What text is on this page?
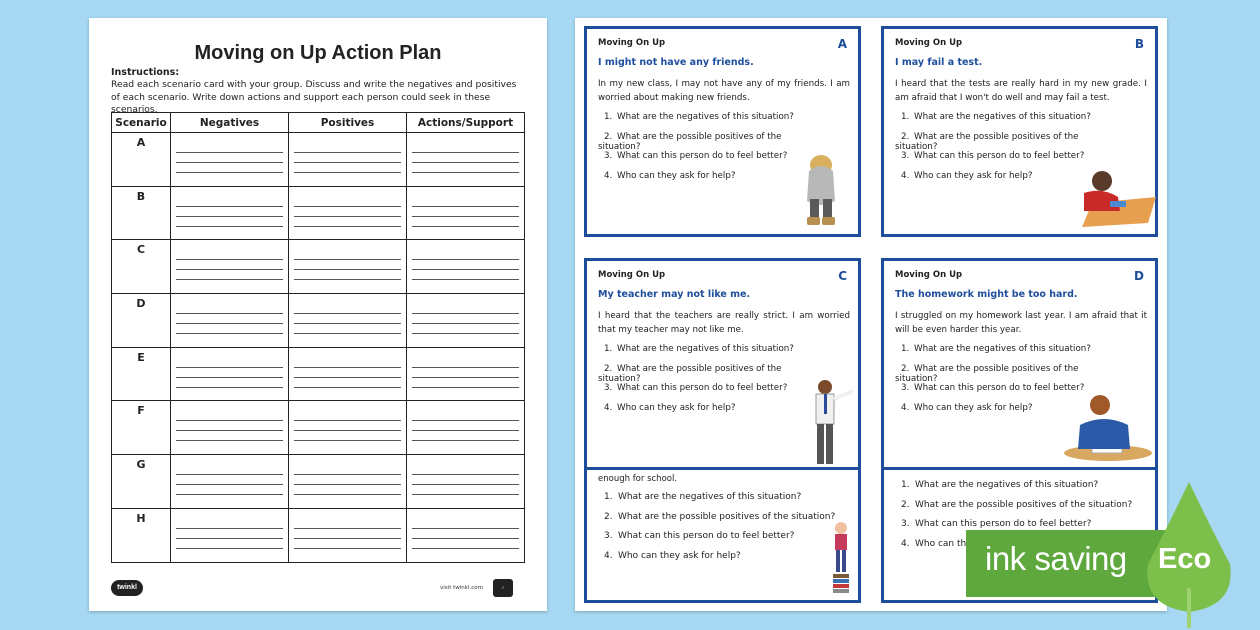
Moving on Up Action Plan
Instructions:
Read each scenario card with your group. Discuss and write the negatives and positives of each scenario. Write down actions and support each person could seek in these scenarios.
Scenario	Negatives	Positives	Actions/Support
A	

B	

C	

D	

E	

F	

G	

H	

twinkl	visit twinkl.com	✓
enough for school.
1. What are the negatives of this situation?
2. What are the possible positives of the situation?
3. What can this person do to feel better?
4. Who can they ask for help?
1. What are the negatives of this situation?
2. What are the possible positives of the situation?
3. What can this person do to feel better?
4. Who can th
Moving On Up	A
I might not have any friends.
In my new class, I may not have any of my friends. I am worried about making new friends.
1. What are the negatives of this situation?
2. What are the possible positives of the situation?
3. What can this person do to feel better?
4. Who can they ask for help?
Moving On Up	B
I may fail a test.
I heard that the tests are really hard in my new grade. I am afraid that I won't do well and may fail a test.
1. What are the negatives of this situation?
2. What are the possible positives of the situation?
3. What can this person do to feel better?
4. Who can they ask for help?
Moving On Up	C
My teacher may not like me.
I heard that the teachers are really strict. I am worried that my teacher may not like me.
1. What are the negatives of this situation?
2. What are the possible positives of the situation?
3. What can this person do to feel better?
4. Who can they ask for help?
Moving On Up	D
The homework might be too hard.
I struggled on my homework last year. I am afraid that it will be even harder this year.
1. What are the negatives of this situation?
2. What are the possible positives of the situation?
3. What can this person do to feel better?
4. Who can they ask for help?
ink saving Eco
